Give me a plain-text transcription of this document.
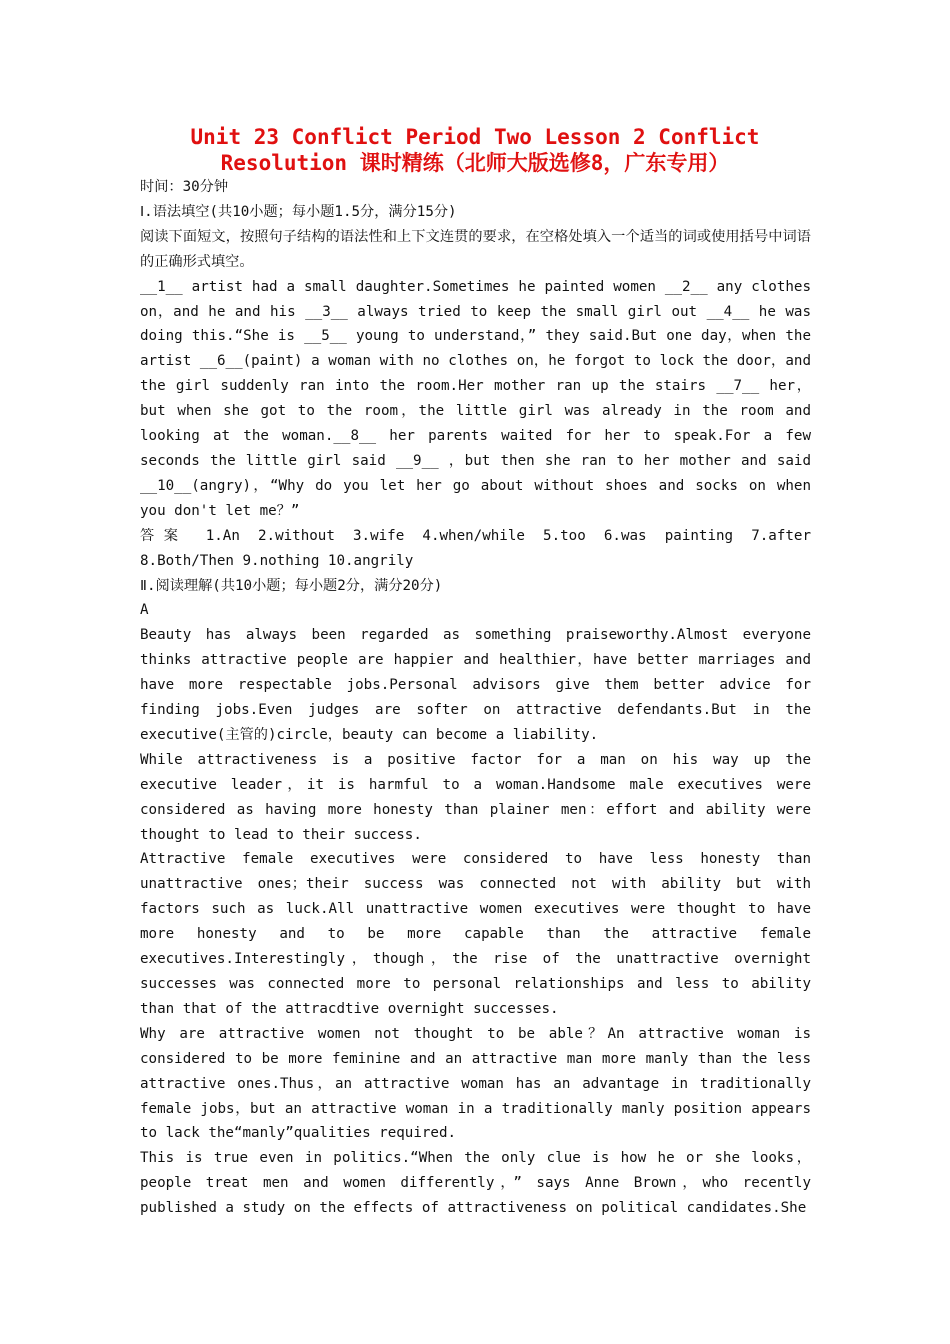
Unit 23 Conflict Period Two Lesson 2 Conflict Resolution 课时精练（北师大版选修8，广东专用）

时间：30分钟

Ⅰ.语法填空(共10小题；每小题1.5分，满分15分)

阅读下面短文，按照句子结构的语法性和上下文连贯的要求，在空格处填入一个适当的词或使用括号中词语的正确形式填空。

__1__ artist had a small daughter.Sometimes he painted women __2__ any clothes on，and he and his __3__ always tried to keep the small girl out __4__ he was doing this.“She is __5__ young to understand，” they said.But one day，when the artist __6__(paint) a woman with no clothes on，he forgot to lock the door，and the girl suddenly ran into the room.Her mother ran up the stairs __7__ her，but when she got to the room，the little girl was already in the room and looking at the woman.__8__ her parents waited for her to speak.For a few seconds the little girl said __9__ ，but then she ran to her mother and said __10__(angry)，“Why do you let her go about without shoes and socks on when you don't let me？”

答案 1.An 2.without 3.wife 4.when/while 5.too 6.was painting 7.after 8.Both/Then 9.nothing 10.angrily

Ⅱ.阅读理解(共10小题；每小题2分，满分20分)

A

Beauty has always been regarded as something praiseworthy.Almost everyone thinks attractive people are happier and healthier，have better marriages and have more respectable jobs.Personal advisors give them better advice for finding jobs.Even judges are softer on attractive defendants.But in the executive(主管的)circle，beauty can become a liability.

While attractiveness is a positive factor for a man on his way up the executive leader，it is harmful to a woman.Handsome male executives were considered as having more honesty than plainer men：effort and ability were thought to lead to their success.

Attractive female executives were considered to have less honesty than unattractive ones；their success was connected not with ability but with factors such as luck.All unattractive women executives were thought to have more honesty and to be more capable than the attractive female executives.Interestingly，though，the rise of the unattractive overnight successes was connected more to personal relationships and less to ability than that of the attracdtive overnight successes.

Why are attractive women not thought to be able？An attractive woman is considered to be more feminine and an attractive man more manly than the less attractive ones.Thus，an attractive woman has an advantage in traditionally female jobs，but an attractive woman in a traditionally manly position appears to lack the“manly”qualities required.

This is true even in politics.“When the only clue is how he or she looks，people treat men and women differently，” says Anne Brown，who recently published a study on the effects of attractiveness on political candidates.She
